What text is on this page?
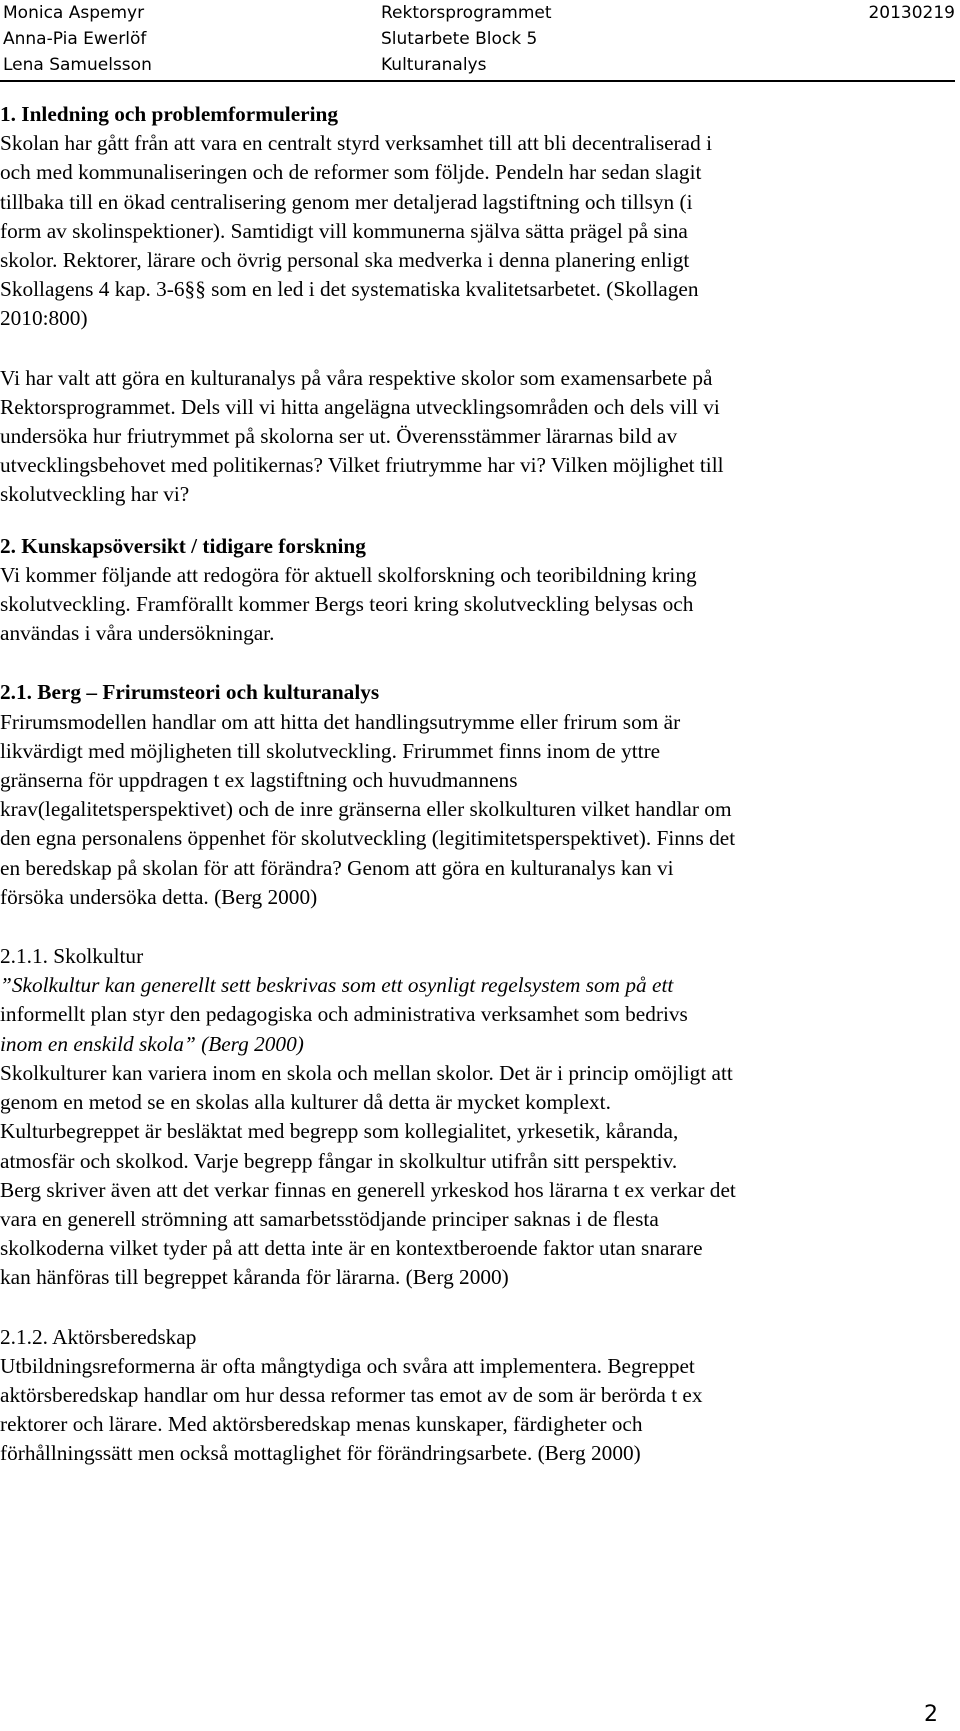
Monica Aspemyr	Rektorsprogrammet	20130219
Anna-Pia Ewerlöf	Slutarbete Block 5
Lena Samuelsson	Kulturanalys

1. Inledning och problemformulering

Skolan har gått från att vara en centralt styrd verksamhet till att bli decentraliserad i

och med kommunaliseringen och de reformer som följde. Pendeln har sedan slagit

tillbaka till en ökad centralisering genom mer detaljerad lagstiftning och tillsyn (i

form av skolinspektioner). Samtidigt vill kommunerna själva sätta prägel på sina

skolor. Rektorer, lärare och övrig personal ska medverka i denna planering enligt

Skollagens 4 kap. 3-6§§ som en led i det systematiska kvalitetsarbetet. (Skollagen

2010:800)

Vi har valt att göra en kulturanalys på våra respektive skolor som examensarbete på

Rektorsprogrammet. Dels vill vi hitta angelägna utvecklingsområden och dels vill vi

undersöka hur friutrymmet på skolorna ser ut. Överensstämmer lärarnas bild av

utvecklingsbehovet med politikernas? Vilket friutrymme har vi? Vilken möjlighet till

skolutveckling har vi?

2. Kunskapsöversikt / tidigare forskning

Vi kommer följande att redogöra för aktuell skolforskning och teoribildning kring

skolutveckling. Framförallt kommer Bergs teori kring skolutveckling belysas och

användas i våra undersökningar.

2.1. Berg – Frirumsteori och kulturanalys

Frirumsmodellen handlar om att hitta det handlingsutrymme eller frirum som är

likvärdigt med möjligheten till skolutveckling. Frirummet finns inom de yttre

gränserna för uppdragen t ex lagstiftning och huvudmannens

krav(legalitetsperspektivet) och de inre gränserna eller skolkulturen vilket handlar om

den egna personalens öppenhet för skolutveckling (legitimitetsperspektivet). Finns det

en beredskap på skolan för att förändra? Genom att göra en kulturanalys kan vi

försöka undersöka detta. (Berg 2000)

2.1.1. Skolkultur

”Skolkultur kan generellt sett beskrivas som ett osynligt regelsystem som på ett

informellt plan styr den pedagogiska och administrativa verksamhet som bedrivs

inom en enskild skola” (Berg 2000)

Skolkulturer kan variera inom en skola och mellan skolor. Det är i princip omöjligt att

genom en metod se en skolas alla kulturer då detta är mycket komplext.

Kulturbegreppet är besläktat med begrepp som kollegialitet, yrkesetik, kåranda,

atmosfär och skolkod. Varje begrepp fångar in skolkultur utifrån sitt perspektiv.

Berg skriver även att det verkar finnas en generell yrkeskod hos lärarna t ex verkar det

vara en generell strömning att samarbetsstödjande principer saknas i de flesta

skolkoderna vilket tyder på att detta inte är en kontextberoende faktor utan snarare

kan hänföras till begreppet kåranda för lärarna. (Berg 2000)

2.1.2. Aktörsberedskap

Utbildningsreformerna är ofta mångtydiga och svåra att implementera. Begreppet

aktörsberedskap handlar om hur dessa reformer tas emot av de som är berörda t ex

rektorer och lärare. Med aktörsberedskap menas kunskaper, färdigheter och

förhållningssätt men också mottaglighet för förändringsarbete. (Berg 2000)

2
